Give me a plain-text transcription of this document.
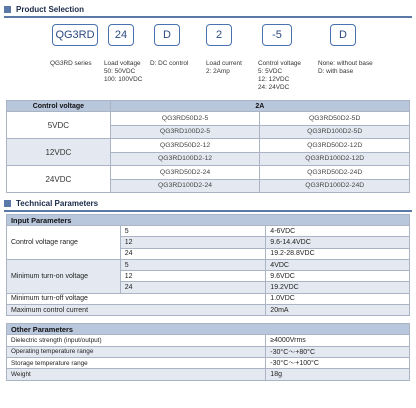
Product Selection
QG3RD 24	D	2	-5	D
QG3RD series Load voltage
50: 50VDC
100: 100VDC
D: DC control	Load current
2: 2Amp
Control voltage
5: 5VDC
12: 12VDC
24: 24VDC
None: without base
D: with base
Control voltage	2A	
5VDC	QG3RD50D2-5	QG3RD50D2-5D
	QG3RD100D2-5	QG3RD100D2-5D
12VDC	QG3RD50D2-12	QG3RD50D2-12D
	QG3RD100D2-12	QG3RD100D2-12D
24VDC	QG3RD50D2-24	QG3RD50D2-24D
	QG3RD100D2-24	QG3RD100D2-24D
Technical Parameters
Input Parameters		
Control voltage range	5	4-6VDC
	12	9.6-14.4VDC
	24	19.2-28.8VDC
Minimum turn-on voltage	5	4VDC
	12	9.6VDC
	24	19.2VDC
Minimum turn-off voltage		1.0VDC
Maximum control current		20mA

Other Parameters		
Dielectric strength (input/output)		≥4000Vrms
Operating temperature range		-30°C～+80°C
Storage temperature range		-30°C～+100°C
Weight		18g
